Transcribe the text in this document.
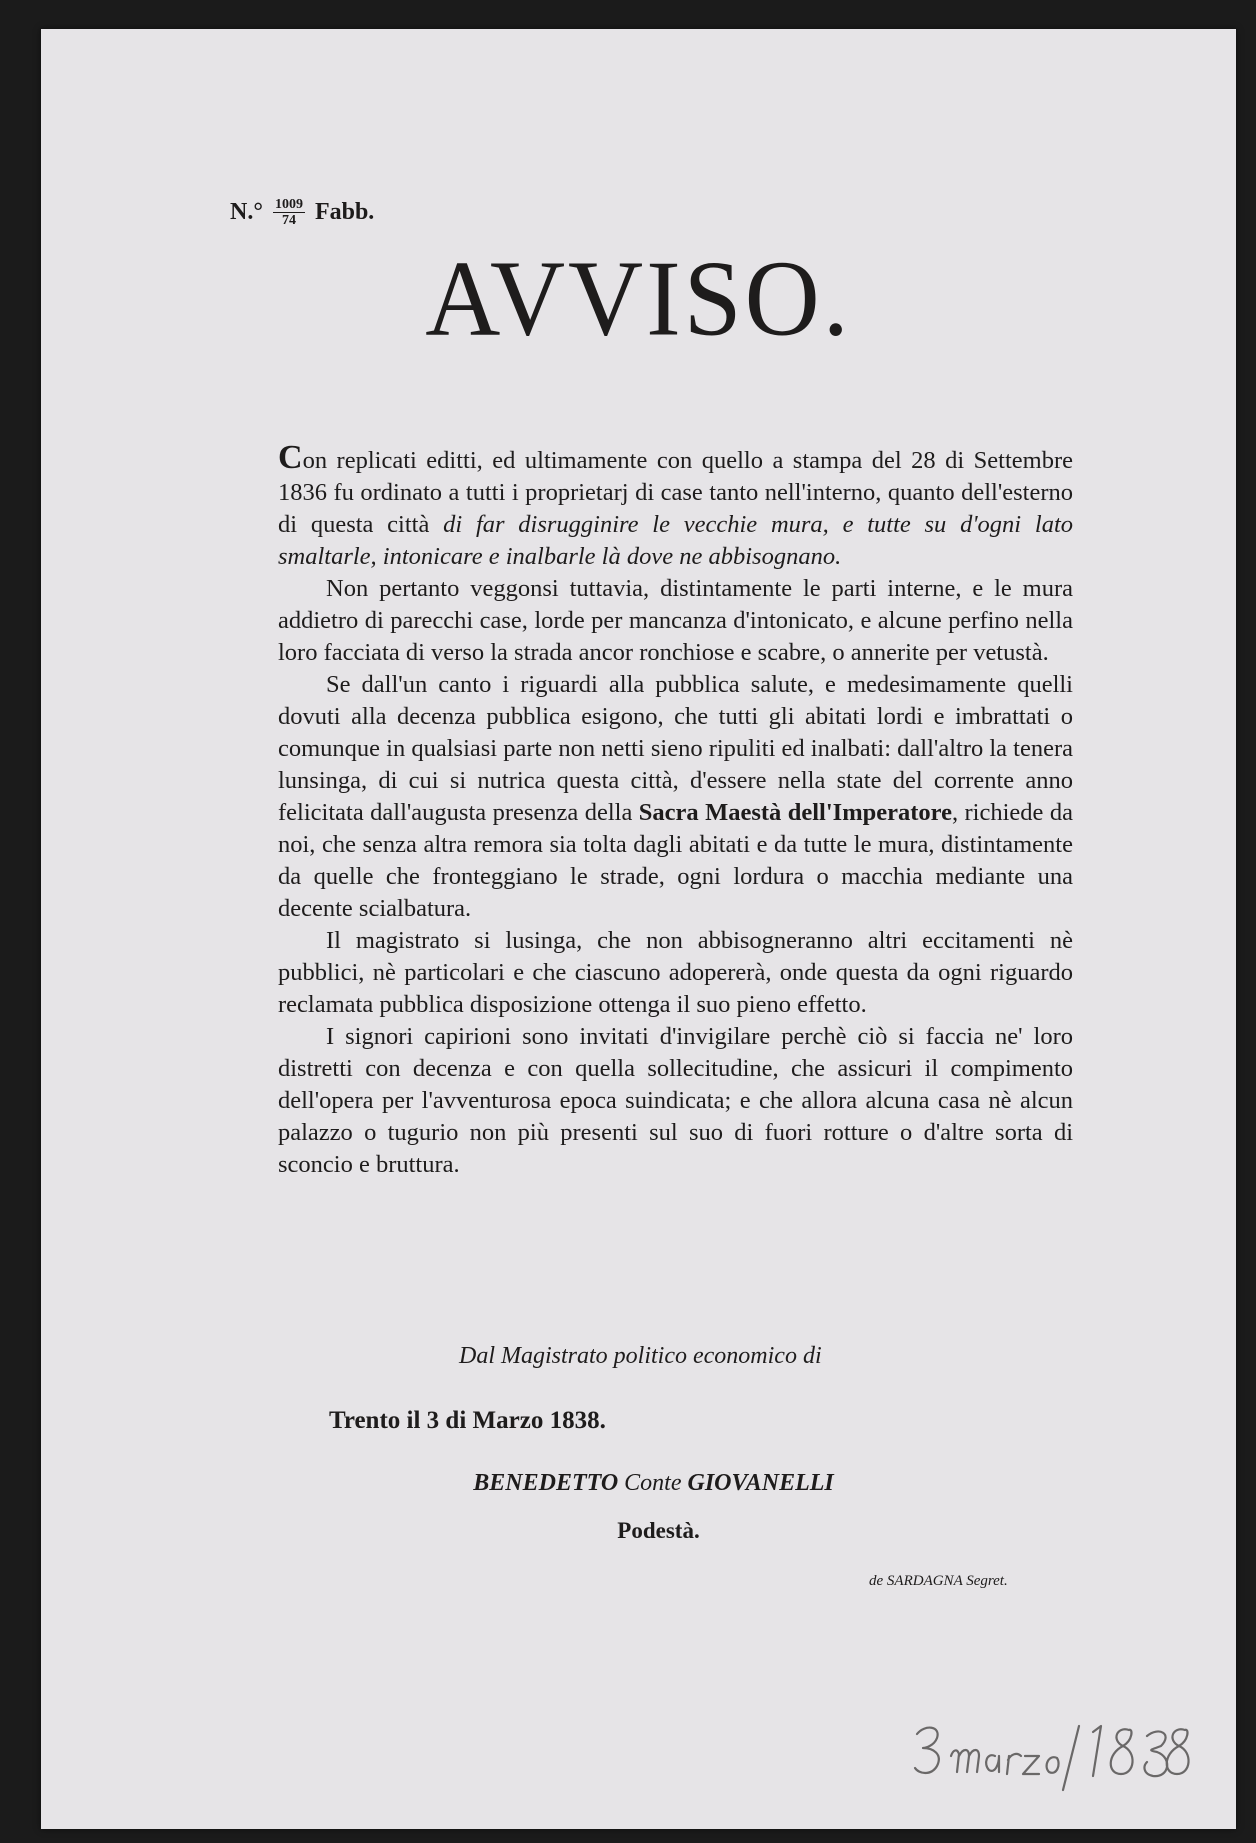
$N.^\circ \frac{1009}{74}$ Fabb.
AVVISO.

Con replicati editti, ed ultimamente con quello a stampa del 28 di Settembre 1836 fu ordinato a tutti i proprietarj di case tanto nell'interno, quanto dell'esterno di questa città di far disrugginire le vecchie mura, e tutte su d'ogni lato smaltarle, intonicare e inalbarle là dove ne abbisognano.

Non pertanto veggonsi tuttavia, distintamente le parti interne, e le mura addietro di parecchi case, lorde per mancanza d'intonicato, e alcune perfino nella loro facciata di verso la strada ancor ronchiose e scabre, o annerite per vetustà.

Se dall'un canto i riguardi alla pubblica salute, e medesimamente quelli dovuti alla decenza pubblica esigono, che tutti gli abitati lordi e imbrattati o comunque in qualsiasi parte non netti sieno ripuliti ed inalbati: dall'altro la tenera lunsinga, di cui si nutrica questa città, d'essere nella state del corrente anno felicitata dall'augusta presenza della Sacra Maestà dell'Imperatore, richiede da noi, che senza altra remora sia tolta dagli abitati e da tutte le mura, distintamente da quelle che fronteggiano le strade, ogni lordura o macchia mediante una decente scialbatura.

Il magistrato si lusinga, che non abbisogneranno altri eccitamenti nè pubblici, nè particolari e che ciascuno adopererà, onde questa da ogni riguardo reclamata pubblica disposizione ottenga il suo pieno effetto.

I signori capirioni sono invitati d'invigilare perchè ciò si faccia ne' loro distretti con decenza e con quella sollecitudine, che assicuri il compimento dell'opera per l'avventurosa epoca suindicata; e che allora alcuna casa nè alcun palazzo o tugurio non più presenti sul suo di fuori rotture o d'altre sorta di sconcio e bruttura.

Dal Magistrato politico economico di
Trento il 3 di Marzo 1838.
BENEDETTO Conte GIOVANELLI
Podestà.
de SARDAGNA Segret.
3 marzo 1838
